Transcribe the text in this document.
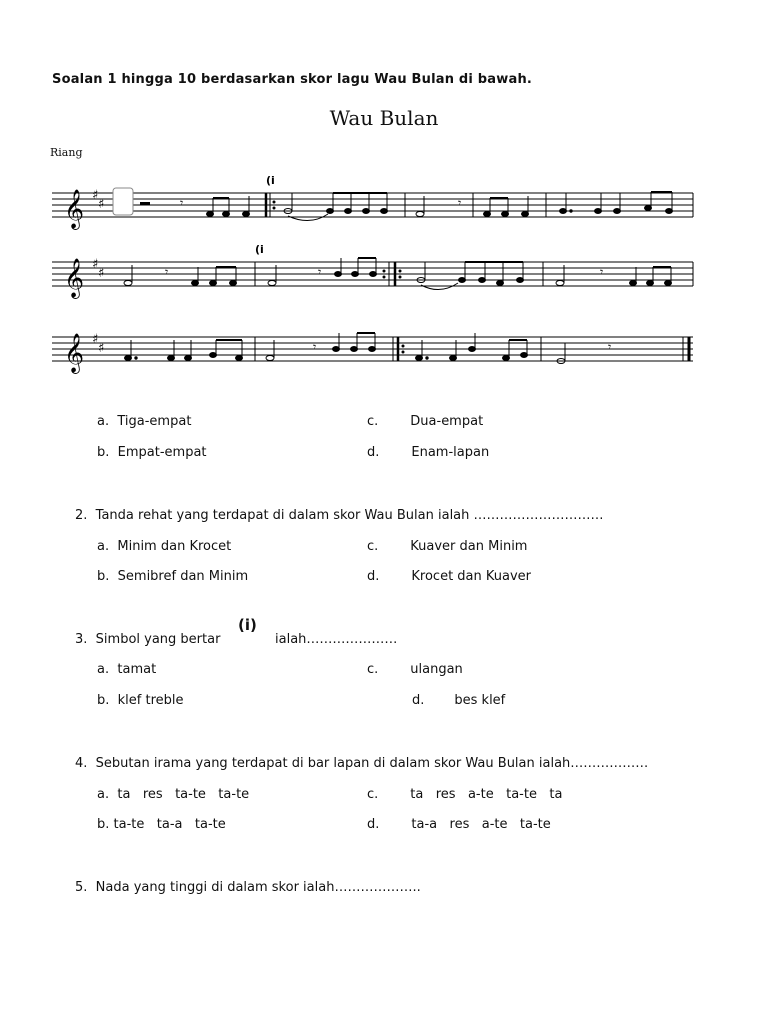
Soalan 1 hingga 10 berdasarkan skor lagu Wau Bulan di bawah.
Wau Bulan
Riang
𝄞
𝄞
𝄞
♯
♯
♯
♯
♯
♯
(i
(i
𝄾	𝄾
𝄾	𝄾	𝄾
𝄾	𝄾
a. Tiga-empat
b. Empat-empat
c. Dua-empat
d. Enam-lapan
2. Tanda rehat yang terdapat di dalam skor Wau Bulan ialah …………………………
a. Minim dan Krocet
b. Semibref dan Minim
c. Kuaver dan Minim
d. Krocet dan Kuaver
3. Simbol yang bertar
(i)
ialah…………………
a. tamat
b. klef treble
c. ulangan
d. bes klef
4. Sebutan irama yang terdapat di bar lapan di dalam skor Wau Bulan ialah………………
a. ta   res   ta-te   ta-te
b. ta-te   ta-a   ta-te
c. ta   res   a-te   ta-te   ta
d. ta-a   res   a-te   ta-te
5. Nada yang tinggi di dalam skor ialah………………..
